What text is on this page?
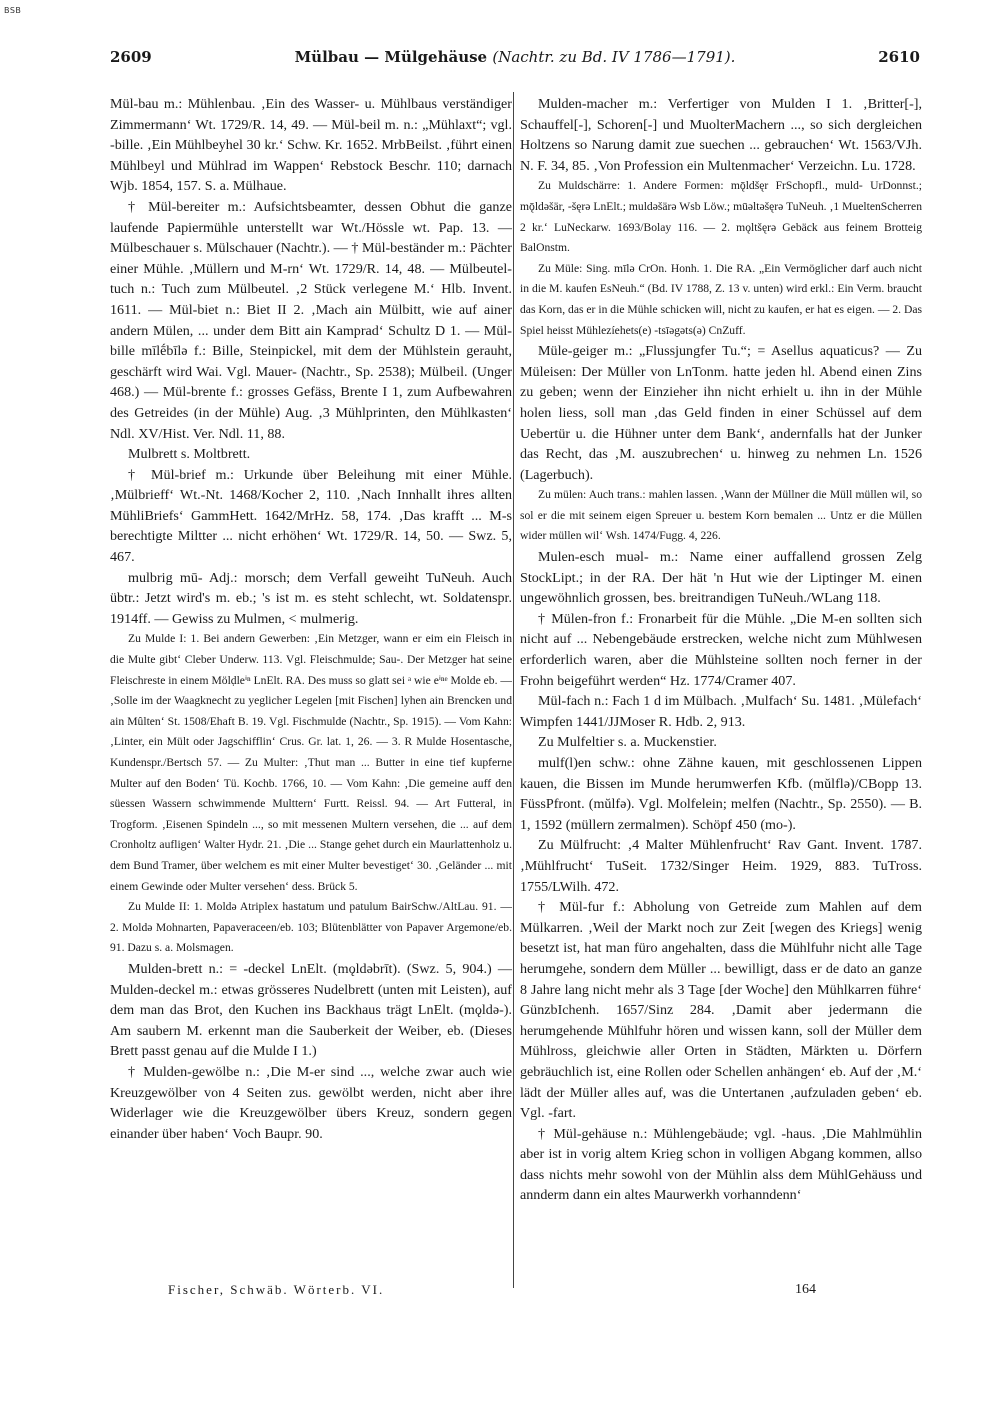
BSB
2609	Mülbau — Mülgehäuse (Nachtr. zu Bd. IV 1786—1791).	2610

Mül-bau m.: Mühlenbau. ‚Ein des Wasser- u. Mühlbaus verständiger Zimmermann‘ Wt. 1729/R. 14, 49. — Mül-beil m. n.: „Mühlaxt“; vgl. -bille. ‚Ein Mühlbeyhel 30 kr.‘ Schw. Kr. 1652. MrbBeilst. ‚führt einen Mühlbeyl und Mühlrad im Wappen‘ Rebstock Beschr. 110; darnach Wjb. 1854, 157. S. a. Mülhaue.

† Mül-bereiter m.: Aufsichtsbeamter, dessen Obhut die ganze laufende Papiermühle unterstellt war Wt./Hössle wt. Pap. 13. — Mülbeschauer s. Mülschauer (Nachtr.). — † Mül-beständer m.: Pächter einer Mühle. ‚Müllern und M-rn‘ Wt. 1729/R. 14, 48. — Mülbeutel-tuch n.: Tuch zum Mülbeutel. ‚2 Stück verlegene M.‘ Hlb. Invent. 1611. — Mül-biet n.: Biet II 2. ‚Mach ain Mülbitt, wie auf ainer andern Mülen, ... under dem Bitt ain Kamprad‘ Schultz D 1. — Mül-bille mīlḗbīlə f.: Bille, Steinpickel, mit dem der Mühlstein gerauht, geschärft wird Wai. Vgl. Mauer- (Nachtr., Sp. 2538); Mülbeil. (Unger 468.) — Mül-brente f.: grosses Gefäss, Brente I 1, zum Aufbewahren des Getreides (in der Mühle) Aug. ‚3 Mühlprinten, den Mühlkasten‘ Ndl. XV/Hist. Ver. Ndl. 11, 88.

Mulbrett s. Moltbrett.

† Mül-brief m.: Urkunde über Beleihung mit einer Mühle. ‚Mülbrieff‘ Wt.-Nt. 1468/Kocher 2, 110. ‚Nach Innhallt ihres allten MühliBriefs‘ GammHett. 1642/MrHz. 58, 174. ‚Das krafft ... M-s berechtigte Miltter ... nicht erhöhen‘ Wt. 1729/R. 14, 50. — Swz. 5, 467.

mulbrig mū- Adj.: morsch; dem Verfall geweiht TuNeuh. Auch übtr.: Jetzt wird's m. eb.; 's ist m. es steht schlecht, wt. Soldatenspr. 1914ff. — Gewiss zu Mulmen, < mulmerig.

Zu Mulde I: 1. Bei andern Gewerben: ‚Ein Metzger, wann er eim ein Fleisch in die Multe gibt‘ Cleber Underw. 113. Vgl. Fleischmulde; Sau-. Der Metzger hat seine Fleischreste in einem Mölḍleⁱⁿ LnElt. RA. Des muss so glatt sei ᵃ wie eⁱⁿᵉ Molde eb. — ‚Solle im der Waagknecht zu yeglicher Legelen [mit Fischen] lyhen ain Brencken und ain Mûlten‘ St. 1508/Ehaft B. 19. Vgl. Fischmulde (Nachtr., Sp. 1915). — Vom Kahn: ‚Linter, ein Mült oder Jagschifflin‘ Crus. Gr. lat. 1, 26. — 3. R Mulde Hosentasche, Kundenspr./Bertsch 57. — Zu Multer: ‚Thut man ... Butter in eine tief kupferne Multer auf den Boden‘ Tü. Kochb. 1766, 10. — Vom Kahn: ‚Die gemeine auff den süessen Wassern schwimmende Multtern‘ Furtt. Reissl. 94. — Art Futteral, in Trogform. ‚Eisenen Spindeln ..., so mit messenen Multern versehen, die ... auf dem Cronholtz aufligen‘ Walter Hydr. 21. ‚Die ... Stange gehet durch ein Maurlattenholz u. dem Bund Tramer, über welchem es mit einer Multer bevestiget‘ 30. ‚Geländer ... mit einem Gewinde oder Multer versehen‘ dess. Brück 5.

Zu Mulde II: 1. Moldə Atriplex hastatum und patulum BairSchw./AltLau. 91. — 2. Moldə Mohnarten, Papaveraceen/eb. 103; Blütenblätter von Papaver Argemone/eb. 91. Dazu s. a. Molsmagen.

Mulden-brett n.: = -deckel LnElt. (mǫldəbrīt). (Swz. 5, 904.) — Mulden-deckel m.: etwas grösseres Nudelbrett (unten mit Leisten), auf dem man das Brot, den Kuchen ins Backhaus trägt LnElt. (mǫldə-). Am saubern M. erkennt man die Sauberkeit der Weiber, eb. (Dieses Brett passt genau auf die Mulde I 1.)

† Mulden-gewölbe n.: ‚Die M-er sind ..., welche zwar auch wie Kreuzgewölber von 4 Seiten zus. gewölbt werden, nicht aber ihre Widerlager wie die Kreuzgewölber übers Kreuz, sondern gegen einander über haben‘ Voch Baupr. 90.

Mulden-macher m.: Verfertiger von Mulden I 1. ‚Britter[-], Schauffel[-], Schoren[-] und MuolterMachern ..., so sich dergleichen Holtzens so Narung damit zue suechen ... gebrauchen‘ Wt. 1563/VJh. N. F. 34, 85. ‚Von Profession ein Multenmacher‘ Verzeichn. Lu. 1728.

Zu Muldschärre: 1. Andere Formen: mǭldšęr FrSchopfl., muld- UrDonnst.; mǭldəšär, -šęrə LnElt.; muldəšärə Wsb Löw.; mūəltəšęrə TuNeuh. ‚1 MueltenScherren 2 kr.‘ LuNeckarw. 1693/Bolay 116. — 2. mǫltšęrə Gebäck aus feinem Brotteig BalOnstm.

Zu Müle: Sing. mīlə CrOn. Honh. 1. Die RA. „Ein Vermöglicher darf auch nicht in die M. kaufen EsNeuh.“ (Bd. IV 1788, Z. 13 v. unten) wird erkl.: Ein Verm. braucht das Korn, das er in die Mühle schicken will, nicht zu kaufen, er hat es eigen. — 2. Das Spiel heisst Mühlezíehets(e) -tsīəgəts(ə) CnZuff.

Müle-geiger m.: „Flussjungfer Tu.“; = Asellus aquaticus? — Zu Müleisen: Der Müller von LnTonm. hatte jeden hl. Abend einen Zins zu geben; wenn der Einzieher ihn nicht erhielt u. ihn in der Mühle holen liess, soll man ‚das Geld finden in einer Schüssel auf dem Uebertür u. die Hühner unter dem Bank‘, andernfalls hat der Junker das Recht, das ‚M. auszubrechen‘ u. hinweg zu nehmen Ln. 1526 (Lagerbuch).

Zu mülen: Auch trans.: mahlen lassen. ‚Wann der Müllner die Müll müllen wil, so sol er die mit seinem eigen Spreuer u. bestem Korn bemalen ... Untz er die Müllen wider müllen wil‘ Wsh. 1474/Fugg. 4, 226.

Mulen-esch muəl- m.: Name einer auffallend grossen Zelg StockLipt.; in der RA. Der hät 'n Hut wie der Liptinger M. einen ungewöhnlich grossen, bes. breitrandigen TuNeuh./WLang 118.

† Mülen-fron f.: Fronarbeit für die Mühle. „Die M-en sollten sich nicht auf ... Nebengebäude erstrecken, welche nicht zum Mühlwesen erforderlich waren, aber die Mühlsteine sollten noch ferner in der Frohn beigeführt werden“ Hz. 1774/Cramer 407.

Mül-fach n.: Fach 1 d im Mülbach. ‚Mulfach‘ Su. 1481. ‚Mülefach‘ Wimpfen 1441/JJMoser R. Hdb. 2, 913.

Zu Mulfeltier s. a. Muckenstier.

mulf(l)en schw.: ohne Zähne kauen, mit geschlossenen Lippen kauen, die Bissen im Munde herumwerfen Kfb. (mŭlflə)/CBopp 13. FüssPfront. (mŭlfə). Vgl. Molfelein; melfen (Nachtr., Sp. 2550). — B. 1, 1592 (müllern zermalmen). Schöpf 450 (mo-).

Zu Mülfrucht: ‚4 Malter Mühlenfrucht‘ Rav Gant. Invent. 1787. ‚Mühlfrucht‘ TuSeit. 1732/Singer Heim. 1929, 883. TuTross. 1755/LWilh. 472.

† Mül-fur f.: Abholung von Getreide zum Mahlen auf dem Mülkarren. ‚Weil der Markt noch zur Zeit [wegen des Kriegs] wenig besetzt ist, hat man füro angehalten, dass die Mühlfuhr nicht alle Tage herumgehe, sondern dem Müller ... bewilligt, dass er de dato an ganze 8 Jahre lang nicht mehr als 3 Tage [der Woche] den Mühlkarren führe‘ GünzbIchenh. 1657/Sinz 284. ‚Damit aber jedermann die herumgehende Mühlfuhr hören und wissen kann, soll der Müller dem Mühlross, gleichwie aller Orten in Städten, Märkten u. Dörfern gebräuchlich ist, eine Rollen oder Schellen anhängen‘ eb. Auf der ‚M.‘ lädt der Müller alles auf, was die Untertanen ‚aufzuladen geben‘ eb. Vgl. -fart.

† Mül-gehäuse n.: Mühlengebäude; vgl. -haus. ‚Die Mahlmühlin aber ist in vorig altem Krieg schon in volligen Abgang kommen, allso dass nichts mehr sowohl von der Mühlin alss dem MühlGehäuss und annderm dann ein altes Maurwerkh vorhanndenn‘

Fischer, Schwäb. Wörterb. VI.	164
